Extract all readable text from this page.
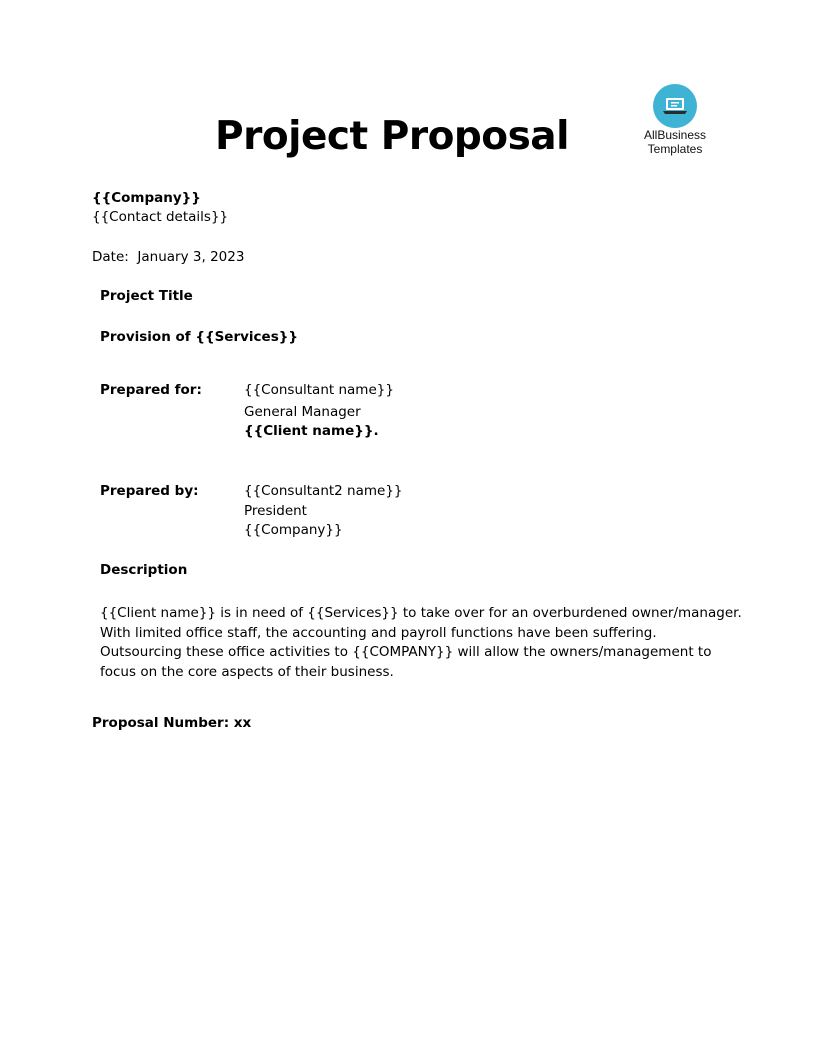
Project Proposal	AllBusiness
Templates
{{Company}}
{{Contact details}}
Date: January 3, 2023
Project Title
Provision of {{Services}}
Prepared for:	{{Consultant name}}
General Manager
{{Client name}}.
Prepared by:	{{Consultant2 name}}
President
{{Company}}
Description
{{Client name}} is in need of {{Services}} to take over for an overburdened owner/manager.
With limited office staff, the accounting and payroll functions have been suffering.
Outsourcing these office activities to {{COMPANY}} will allow the owners/management to
focus on the core aspects of their business.
Proposal Number: xx
